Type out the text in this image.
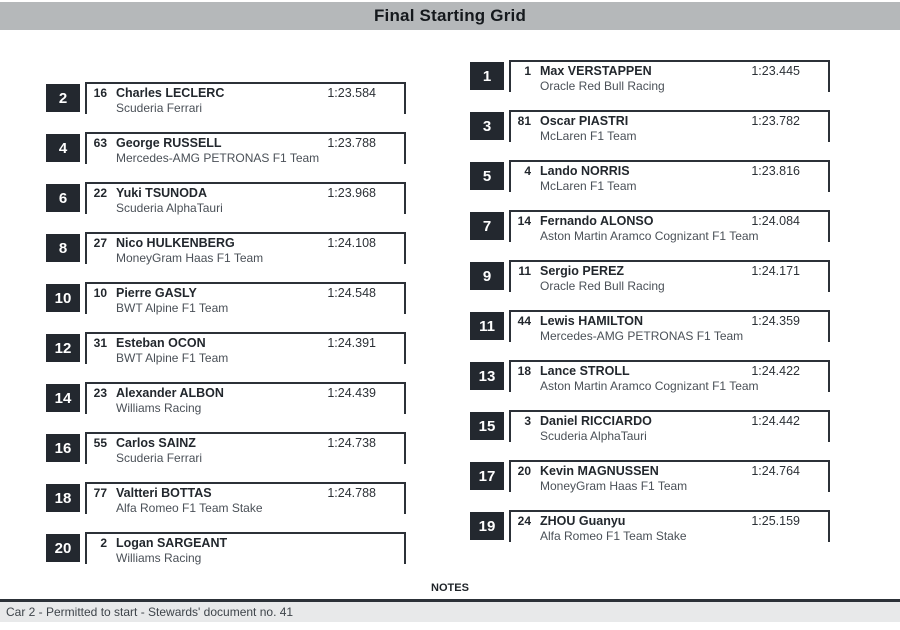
Final Starting Grid
2	16 Charles LECLERC	1:23.584
Scuderia Ferrari
4	63 George RUSSELL	1:23.788
Mercedes-AMG PETRONAS F1 Team
6	22 Yuki TSUNODA	1:23.968
Scuderia AlphaTauri
8	27 Nico HULKENBERG	1:24.108
MoneyGram Haas F1 Team
10	10 Pierre GASLY	1:24.548
BWT Alpine F1 Team
12	31 Esteban OCON	1:24.391
BWT Alpine F1 Team
14	23 Alexander ALBON	1:24.439
Williams Racing
16	55 Carlos SAINZ	1:24.738
Scuderia Ferrari
18	77 Valtteri BOTTAS	1:24.788
Alfa Romeo F1 Team Stake
20	2 Logan SARGEANT
Williams Racing
1	1 Max VERSTAPPEN	1:23.445
Oracle Red Bull Racing
3	81 Oscar PIASTRI	1:23.782
McLaren F1 Team
5	4 Lando NORRIS	1:23.816
McLaren F1 Team
7	14 Fernando ALONSO	1:24.084
Aston Martin Aramco Cognizant F1 Team
9	11 Sergio PEREZ	1:24.171
Oracle Red Bull Racing
11	44 Lewis HAMILTON	1:24.359
Mercedes-AMG PETRONAS F1 Team
13	18 Lance STROLL	1:24.422
Aston Martin Aramco Cognizant F1 Team
15	3 Daniel RICCIARDO	1:24.442
Scuderia AlphaTauri
17	20 Kevin MAGNUSSEN	1:24.764
MoneyGram Haas F1 Team
19	24 ZHOU Guanyu	1:25.159
Alfa Romeo F1 Team Stake
NOTES
Car 2 - Permitted to start - Stewards' document no. 41
